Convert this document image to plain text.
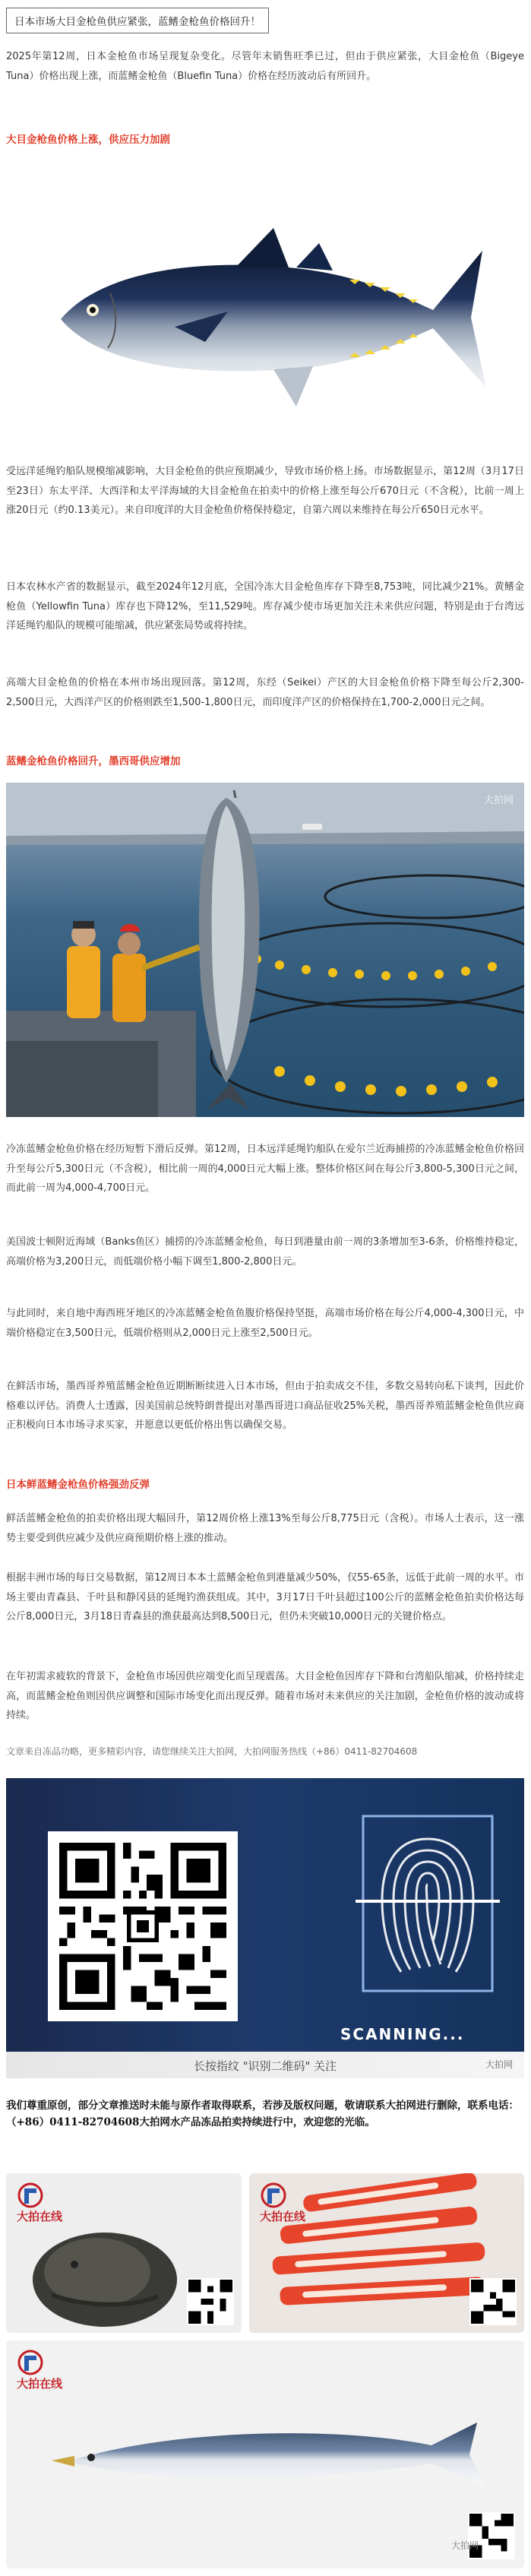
日本市场大目金枪鱼供应紧张，蓝鳍金枪鱼价格回升！

2025年第12周，日本金枪鱼市场呈现复杂变化。尽管年末销售旺季已过，但由于供应紧张，大目金枪鱼（Bigeye Tuna）价格出现上涨，而蓝鳍金枪鱼（Bluefin Tuna）价格在经历波动后有所回升。

大目金枪鱼价格上涨，供应压力加剧

受远洋延绳钓船队规模缩减影响，大目金枪鱼的供应预期减少，导致市场价格上扬。市场数据显示，第12周（3月17日至23日）东太平洋、大西洋和太平洋海域的大目金枪鱼在拍卖中的价格上涨至每公斤670日元（不含税），比前一周上涨20日元（约0.13美元）。来自印度洋的大目金枪鱼价格保持稳定，自第六周以来维持在每公斤650日元水平。

日本农林水产省的数据显示，截至2024年12月底，全国冷冻大目金枪鱼库存下降至8,753吨，同比减少21%。黄鳍金枪鱼（Yellowfin Tuna）库存也下降12%，至11,529吨。库存减少使市场更加关注未来供应问题，特别是由于台湾远洋延绳钓船队的规模可能缩减，供应紧张局势或将持续。

高端大目金枪鱼的价格在本州市场出现回落。第12周，东经（Seikei）产区的大目金枪鱼价格下降至每公斤2,300-2,500日元，大西洋产区的价格则跌至1,500-1,800日元，而印度洋产区的价格保持在1,700-2,000日元之间。

蓝鳍金枪鱼价格回升，墨西哥供应增加

大拍网

冷冻蓝鳍金枪鱼价格在经历短暂下滑后反弹。第12周，日本远洋延绳钓船队在爱尔兰近海捕捞的冷冻蓝鳍金枪鱼价格回升至每公斤5,300日元（不含税），相比前一周的4,000日元大幅上涨。整体价格区间在每公斤3,800-5,300日元之间，而此前一周为4,000-4,700日元。

美国波士顿附近海域（Banks鱼区）捕捞的冷冻蓝鳍金枪鱼，每日到港量由前一周的3条增加至3-6条，价格维持稳定，高端价格为3,200日元，而低端价格小幅下调至1,800-2,800日元。

与此同时，来自地中海西班牙地区的冷冻蓝鳍金枪鱼鱼腹价格保持坚挺，高端市场价格在每公斤4,000-4,300日元，中端价格稳定在3,500日元，低端价格则从2,000日元上涨至2,500日元。

在鲜活市场，墨西哥养殖蓝鳍金枪鱼近期断断续进入日本市场，但由于拍卖成交不佳，多数交易转向私下谈判，因此价格难以评估。消费人士透露，因美国前总统特朗普提出对墨西哥进口商品征收25%关税，墨西哥养殖蓝鳍金枪鱼供应商正积极向日本市场寻求买家，并愿意以更低价格出售以确保交易。

日本鲜蓝鳍金枪鱼价格强劲反弹

鲜活蓝鳍金枪鱼的拍卖价格出现大幅回升，第12周价格上涨13%至每公斤8,775日元（含税）。市场人士表示，这一涨势主要受到供应减少及供应商预期价格上涨的推动。

根据丰洲市场的每日交易数据，第12周日本本土蓝鳍金枪鱼到港量减少50%，仅55-65条，远低于此前一周的水平。市场主要由青森县、千叶县和静冈县的延绳钓渔获组成。其中，3月17日千叶县超过100公斤的蓝鳍金枪鱼拍卖价格达每公斤8,000日元，3月18日青森县的渔获最高达到8,500日元，但仍未突破10,000日元的关键价格点。

在年初需求疲软的背景下，金枪鱼市场因供应端变化而呈现震荡。大目金枪鱼因库存下降和台湾船队缩减，价格持续走高，而蓝鳍金枪鱼则因供应调整和国际市场变化而出现反弹。随着市场对未来供应的关注加剧，金枪鱼价格的波动或将持续。

文章来自冻品功略，更多精彩内容，请您继续关注大拍网，大拍网服务热线（+86）0411-82704608

SCANNING...
长按指纹 "识别二维码" 关注	大拍网

我们尊重原创，部分文章推送时未能与原作者取得联系，若涉及版权问题，敬请联系大拍网进行删除，联系电话：（+86）0411-82704608大拍网水产品冻品拍卖持续进行中，欢迎您的光临。

大拍在线	大拍在线
大拍在线
大拍网
